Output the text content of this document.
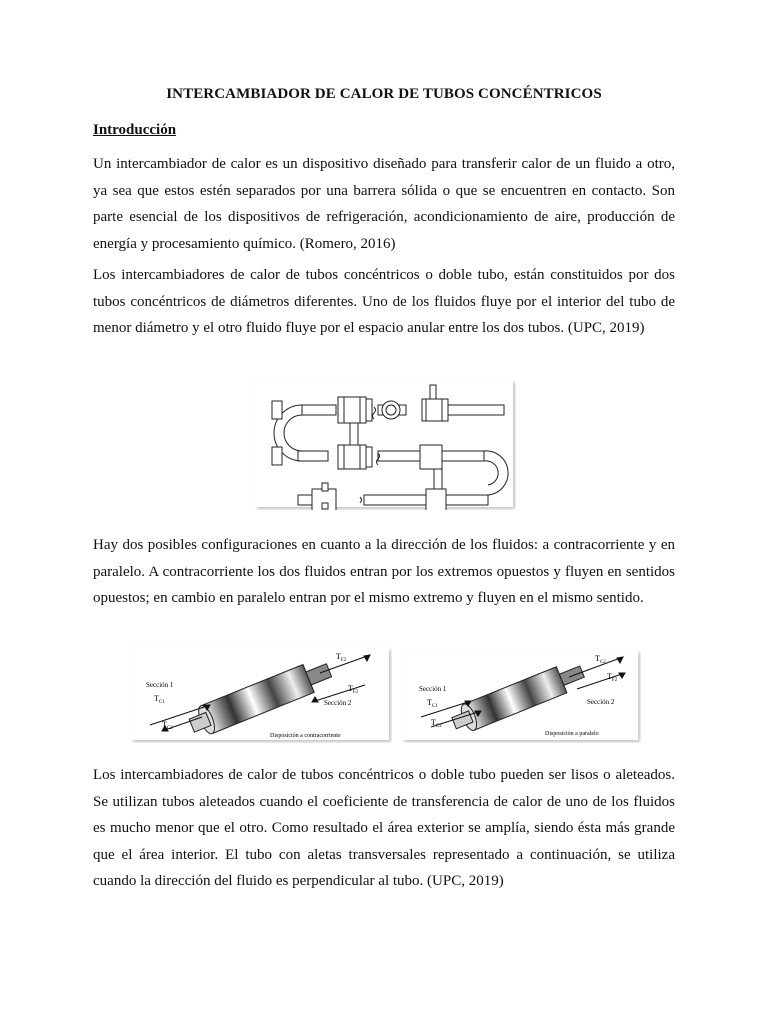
INTERCAMBIADOR DE CALOR DE TUBOS CONCÉNTRICOS
Introducción

Un intercambiador de calor es un dispositivo diseñado para transferir calor de un fluido a otro, ya sea que estos estén separados por una barrera sólida o que se encuentren en contacto. Son parte esencial de los dispositivos de refrigeración, acondicionamiento de aire, producción de energía y procesamiento químico. (Romero, 2016)

Los intercambiadores de calor de tubos concéntricos o doble tubo, están constituidos por dos tubos concéntricos de diámetros diferentes. Uno de los fluidos fluye por el interior del tubo de menor diámetro y el otro fluido fluye por el espacio anular entre los dos tubos. (UPC, 2019)

Hay dos posibles configuraciones en cuanto a la dirección de los fluidos: a contracorriente y en paralelo. A contracorriente los dos fluidos entran por los extremos opuestos y fluyen en sentidos opuestos; en cambio en paralelo entran por el mismo extremo y fluyen en el mismo sentido.

Sección 1
Sección 2
$T_{C1}$
$T_{C2}$
$T_{F2}$
$T_{F2}$
Disposición a contracorriente
Sección 1
Sección 2
$T_{C1}$
$T_{C2}$
$T_{C2}$
$T_{F2}$
Disposición a paralelo

Los intercambiadores de calor de tubos concéntricos o doble tubo pueden ser lisos o aleteados. Se utilizan tubos aleteados cuando el coeficiente de transferencia de calor de uno de los fluidos es mucho menor que el otro. Como resultado el área exterior se amplía, siendo ésta más grande que el área interior. El tubo con aletas transversales representado a continuación, se utiliza cuando la dirección del fluido es perpendicular al tubo. (UPC, 2019)
